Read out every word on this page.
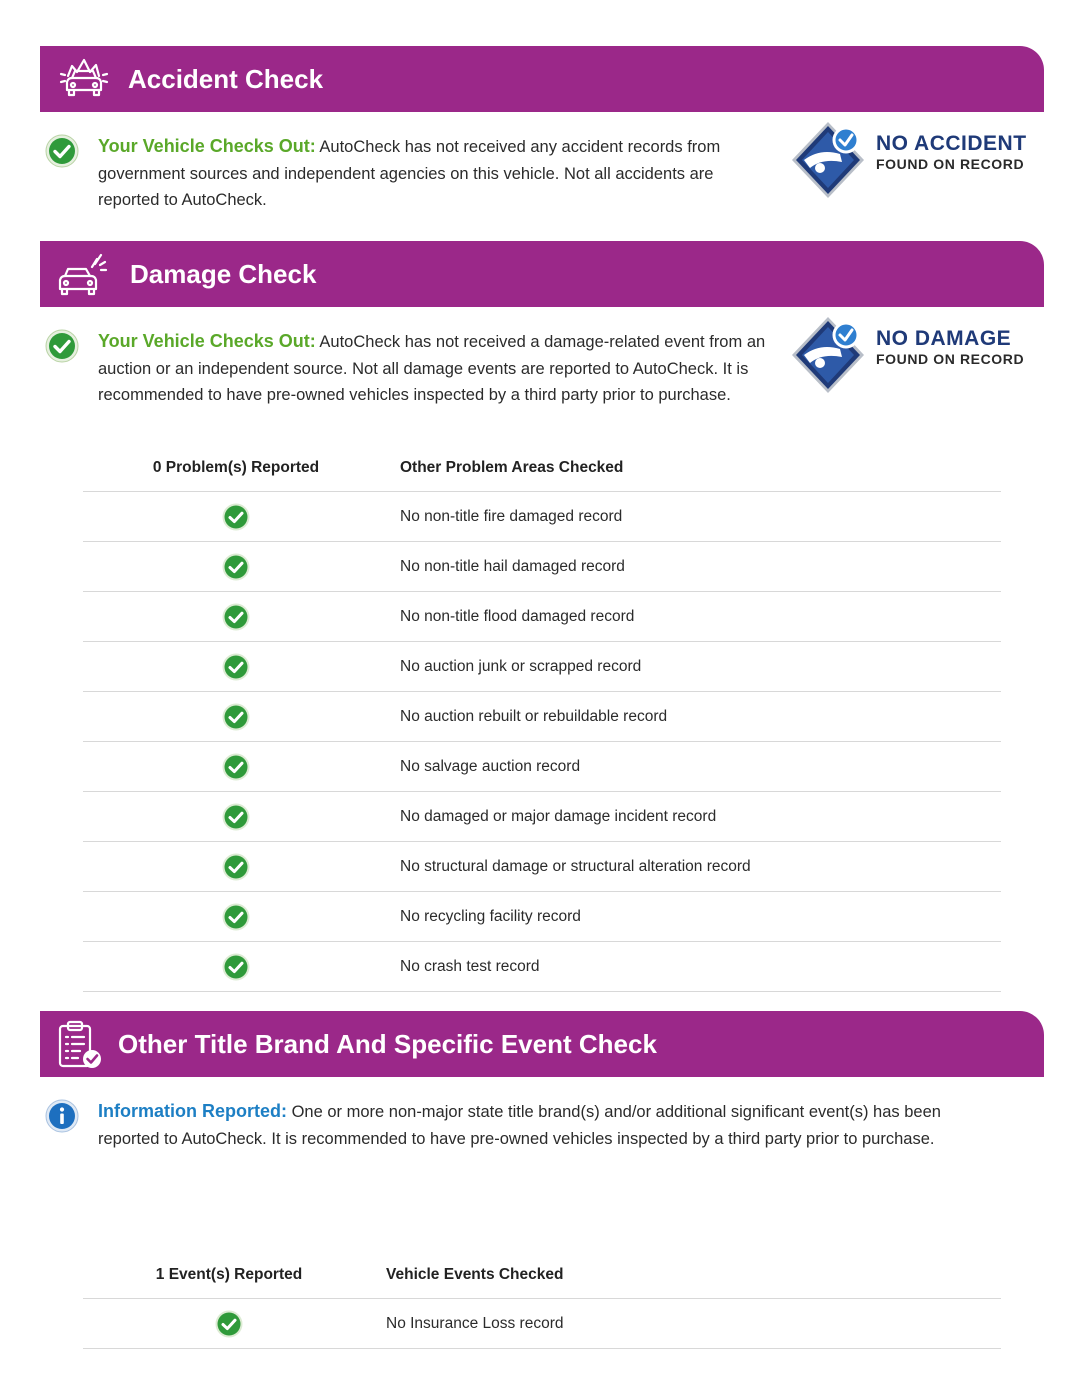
Accident Check
Your Vehicle Checks Out: AutoCheck has not received any accident records from government sources and independent agencies on this vehicle. Not all accidents are reported to AutoCheck.
NO ACCIDENT
FOUND ON RECORD
Damage Check
Your Vehicle Checks Out: AutoCheck has not received a damage-related event from an auction or an independent source. Not all damage events are reported to AutoCheck. It is recommended to have pre-owned vehicles inspected by a third party prior to purchase.
NO DAMAGE
FOUND ON RECORD
0 Problem(s) Reported	Other Problem Areas Checked
No non-title fire damaged record
No non-title hail damaged record
No non-title flood damaged record
No auction junk or scrapped record
No auction rebuilt or rebuildable record
No salvage auction record
No damaged or major damage incident record
No structural damage or structural alteration record
No recycling facility record
No crash test record
Other Title Brand And Specific Event Check
Information Reported: One or more non-major state title brand(s) and/or additional significant event(s) has been reported to AutoCheck. It is recommended to have pre-owned vehicles inspected by a third party prior to purchase.
1 Event(s) Reported	Vehicle Events Checked
No Insurance Loss record
